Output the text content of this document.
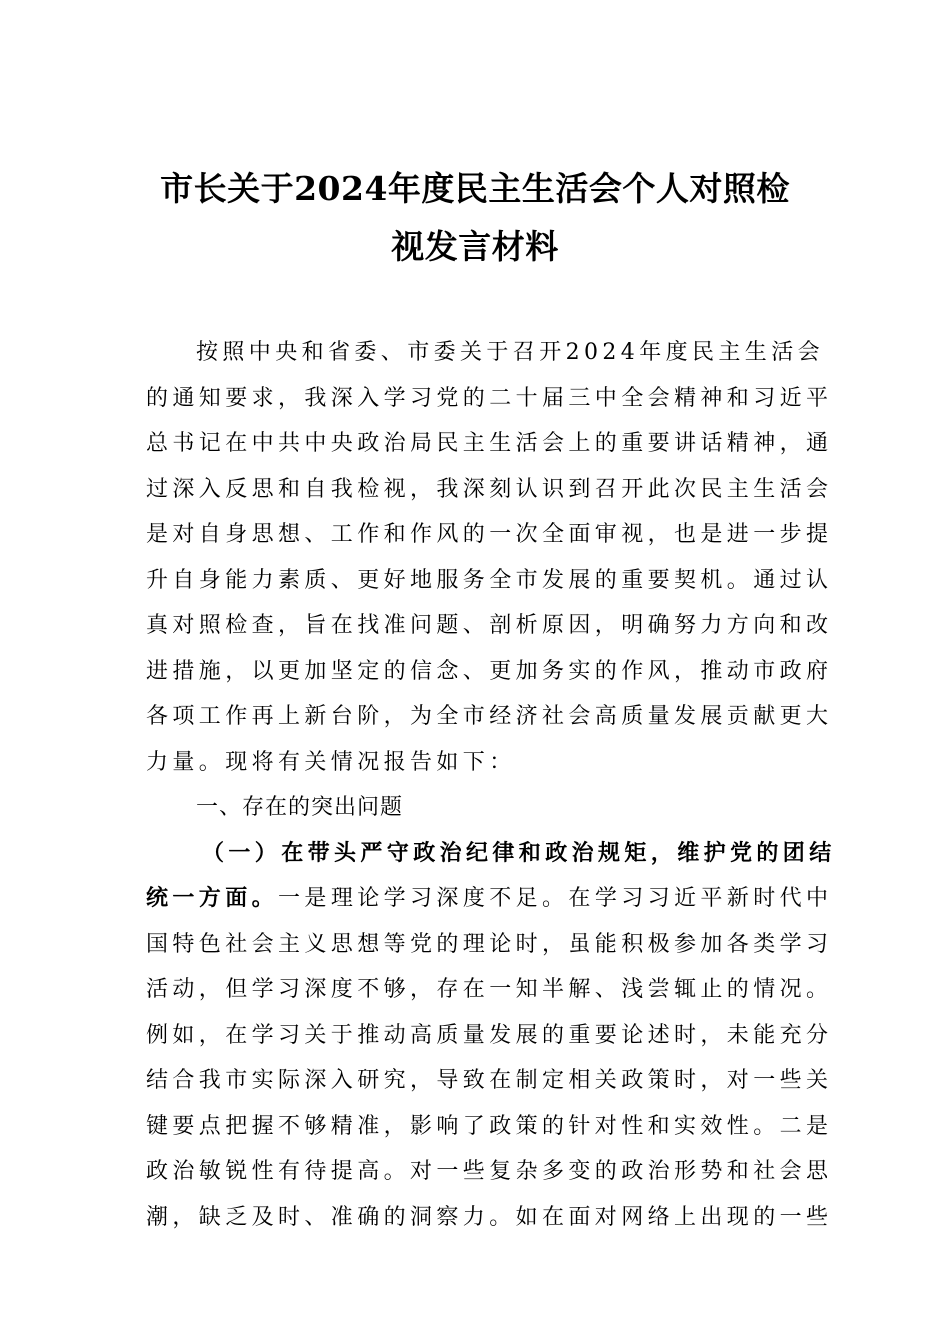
市长关于2024年度民主生活会个人对照检
视发言材料
按照中央和省委、市委关于召开2024年度民主生活会
的通知要求，我深入学习党的二十届三中全会精神和习近平
总书记在中共中央政治局民主生活会上的重要讲话精神，通
过深入反思和自我检视，我深刻认识到召开此次民主生活会
是对自身思想、工作和作风的一次全面审视，也是进一步提
升自身能力素质、更好地服务全市发展的重要契机。通过认
真对照检查，旨在找准问题、剖析原因，明确努力方向和改
进措施，以更加坚定的信念、更加务实的作风，推动市政府
各项工作再上新台阶，为全市经济社会高质量发展贡献更大
力量。现将有关情况报告如下：
一、存在的突出问题
（一）在带头严守政治纪律和政治规矩，维护党的团结
统一方面。一是理论学习深度不足。在学习习近平新时代中
国特色社会主义思想等党的理论时，虽能积极参加各类学习
活动，但学习深度不够，存在一知半解、浅尝辄止的情况。
例如，在学习关于推动高质量发展的重要论述时，未能充分
结合我市实际深入研究，导致在制定相关政策时，对一些关
键要点把握不够精准，影响了政策的针对性和实效性。二是
政治敏锐性有待提高。对一些复杂多变的政治形势和社会思
潮，缺乏及时、准确的洞察力。如在面对网络上出现的一些
